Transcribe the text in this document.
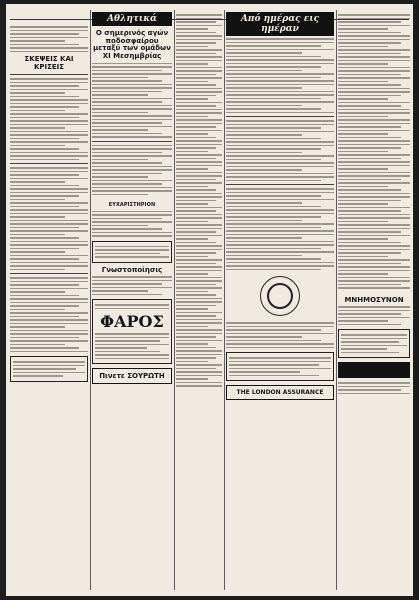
ΣΚΕΨΕΙΣ ΚΑΙ ΚΡΙΣΕΙΣ
Αθλητικά
Ο σημερινός αγών ποδοσφαίρου μεταξύ των ομάδων XI Μεσημβρίας
ΕΥΧΑΡΙΣΤΗΡΙΟΝ
Γνωστοποίησις
ΦΑΡΟΣ
Πινετε ΣΟΥΡΩΤΗ
Από ημέρας εις ημέραν
THE LONDON ASSURANCE
ΜΝΗΜΟΣΥΝΟΝ
